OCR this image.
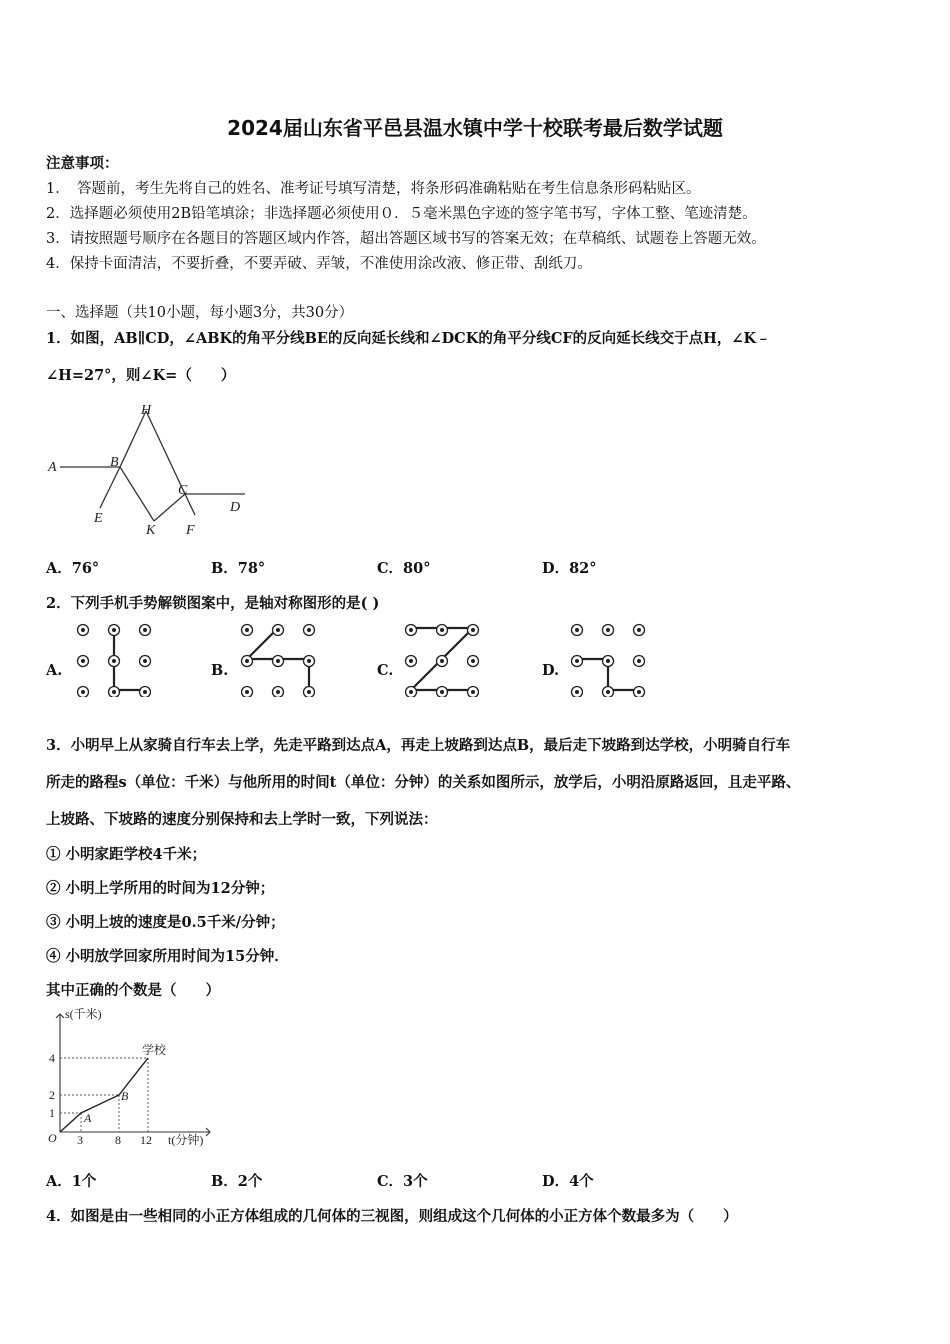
2024届山东省平邑县温水镇中学十校联考最后数学试题
注意事项：
1．　答题前，考生先将自己的姓名、准考证号填写清楚，将条形码准确粘贴在考生信息条形码粘贴区。
2．选择题必须使用2B铅笔填涂；非选择题必须使用０．５毫米黑色字迹的签字笔书写，字体工整、笔迹清楚。
3．请按照题号顺序在各题目的答题区域内作答，超出答题区域书写的答案无效；在草稿纸、试题卷上答题无效。
4．保持卡面清洁，不要折叠，不要弄破、弄皱，不准使用涂改液、修正带、刮纸刀。
一、选择题（共10小题，每小题3分，共30分）
1．如图，AB∥CD，∠ABK的角平分线BE的反向延长线和∠DCK的角平分线CF的反向延长线交于点H，∠K﹣
∠H=27°，则∠K=（　　）
H
A	B
C
D
E
K F
A．76°	B．78°	C．80°	D．82°
2．下列手机手势解锁图案中，是轴对称图形的是( )
A.	B.	C.	D.
3．小明早上从家骑自行车去上学，先走平路到达点A，再走上坡路到达点B，最后走下坡路到达学校，小明骑自行车
所走的路程s（单位：千米）与他所用的时间t（单位：分钟）的关系如图所示，放学后，小明沿原路返回，且走平路、
上坡路、下坡路的速度分别保持和去上学时一致，下列说法：
① 小明家距学校4千米；
② 小明上学所用的时间为12分钟；
③ 小明上坡的速度是0.5千米/分钟；
④ 小明放学回家所用时间为15分钟．
其中正确的个数是（　　）
s(千米)
t(分钟)
O
4
2
1
3	8 12
A
B
学校
A．1个	B．2个	C．3个	D．4个
4．如图是由一些相同的小正方体组成的几何体的三视图，则组成这个几何体的小正方体个数最多为（　　）
